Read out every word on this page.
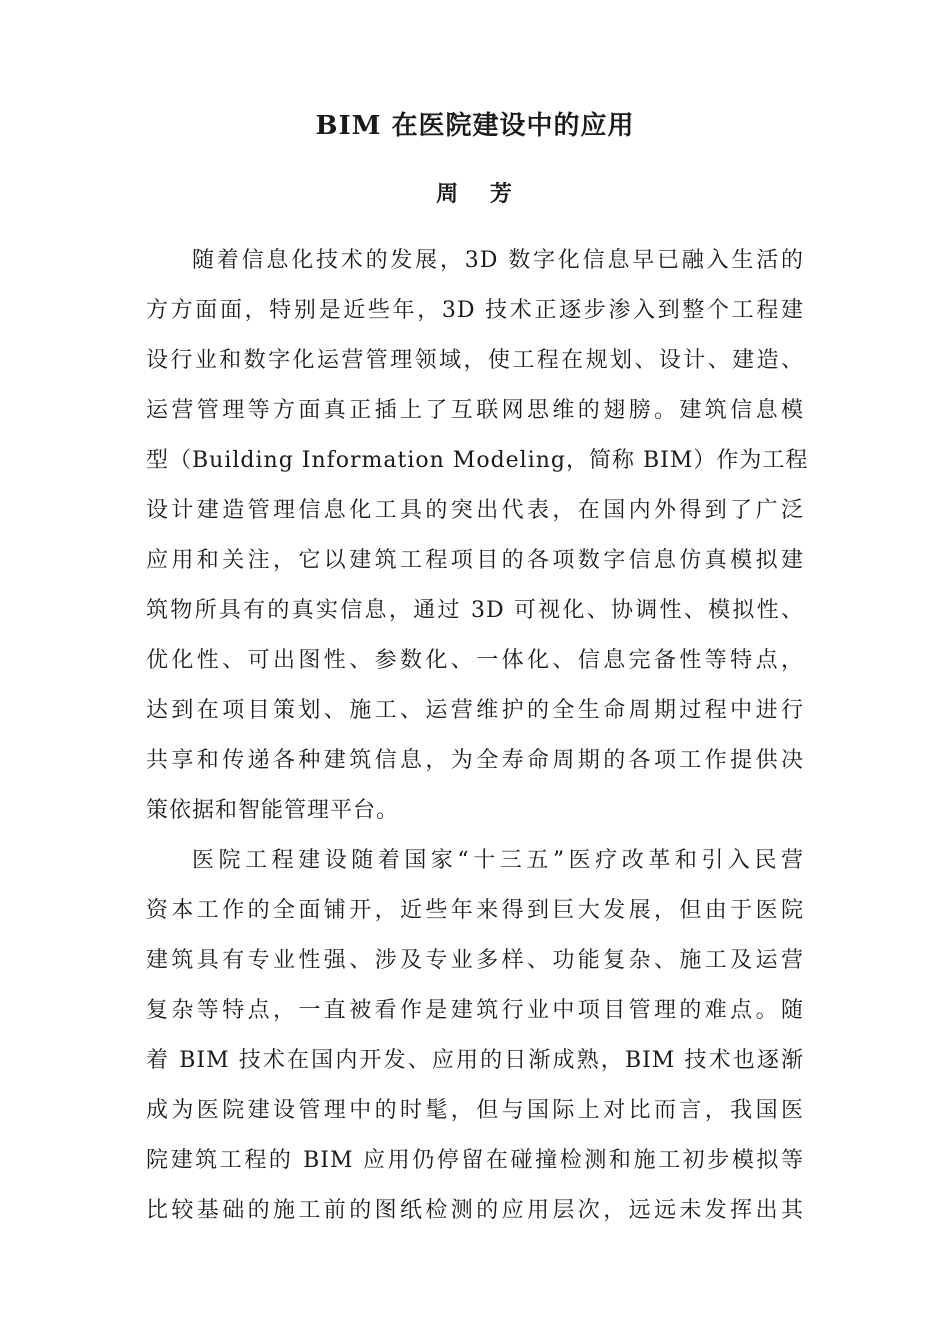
BIM 在医院建设中的应用
周 芳
随着信息化技术的发展，3D 数字化信息早已融入生活的
方方面面，特别是近些年，3D 技术正逐步渗入到整个工程建
设行业和数字化运营管理领域，使工程在规划、设计、建造、
运营管理等方面真正插上了互联网思维的翅膀。建筑信息模
型（Building Information Modeling，简称 BIM）作为工程
设计建造管理信息化工具的突出代表，在国内外得到了广泛
应用和关注，它以建筑工程项目的各项数字信息仿真模拟建
筑物所具有的真实信息，通过 3D 可视化、协调性、模拟性、
优化性、可出图性、参数化、一体化、信息完备性等特点，
达到在项目策划、施工、运营维护的全生命周期过程中进行
共享和传递各种建筑信息，为全寿命周期的各项工作提供决
策依据和智能管理平台。
医院工程建设随着国家“十三五”医疗改革和引入民营
资本工作的全面铺开，近些年来得到巨大发展，但由于医院
建筑具有专业性强、涉及专业多样、功能复杂、施工及运营
复杂等特点，一直被看作是建筑行业中项目管理的难点。随
着 BIM 技术在国内开发、应用的日渐成熟，BIM 技术也逐渐
成为医院建设管理中的时髦，但与国际上对比而言，我国医
院建筑工程的 BIM 应用仍停留在碰撞检测和施工初步模拟等
比较基础的施工前的图纸检测的应用层次，远远未发挥出其
